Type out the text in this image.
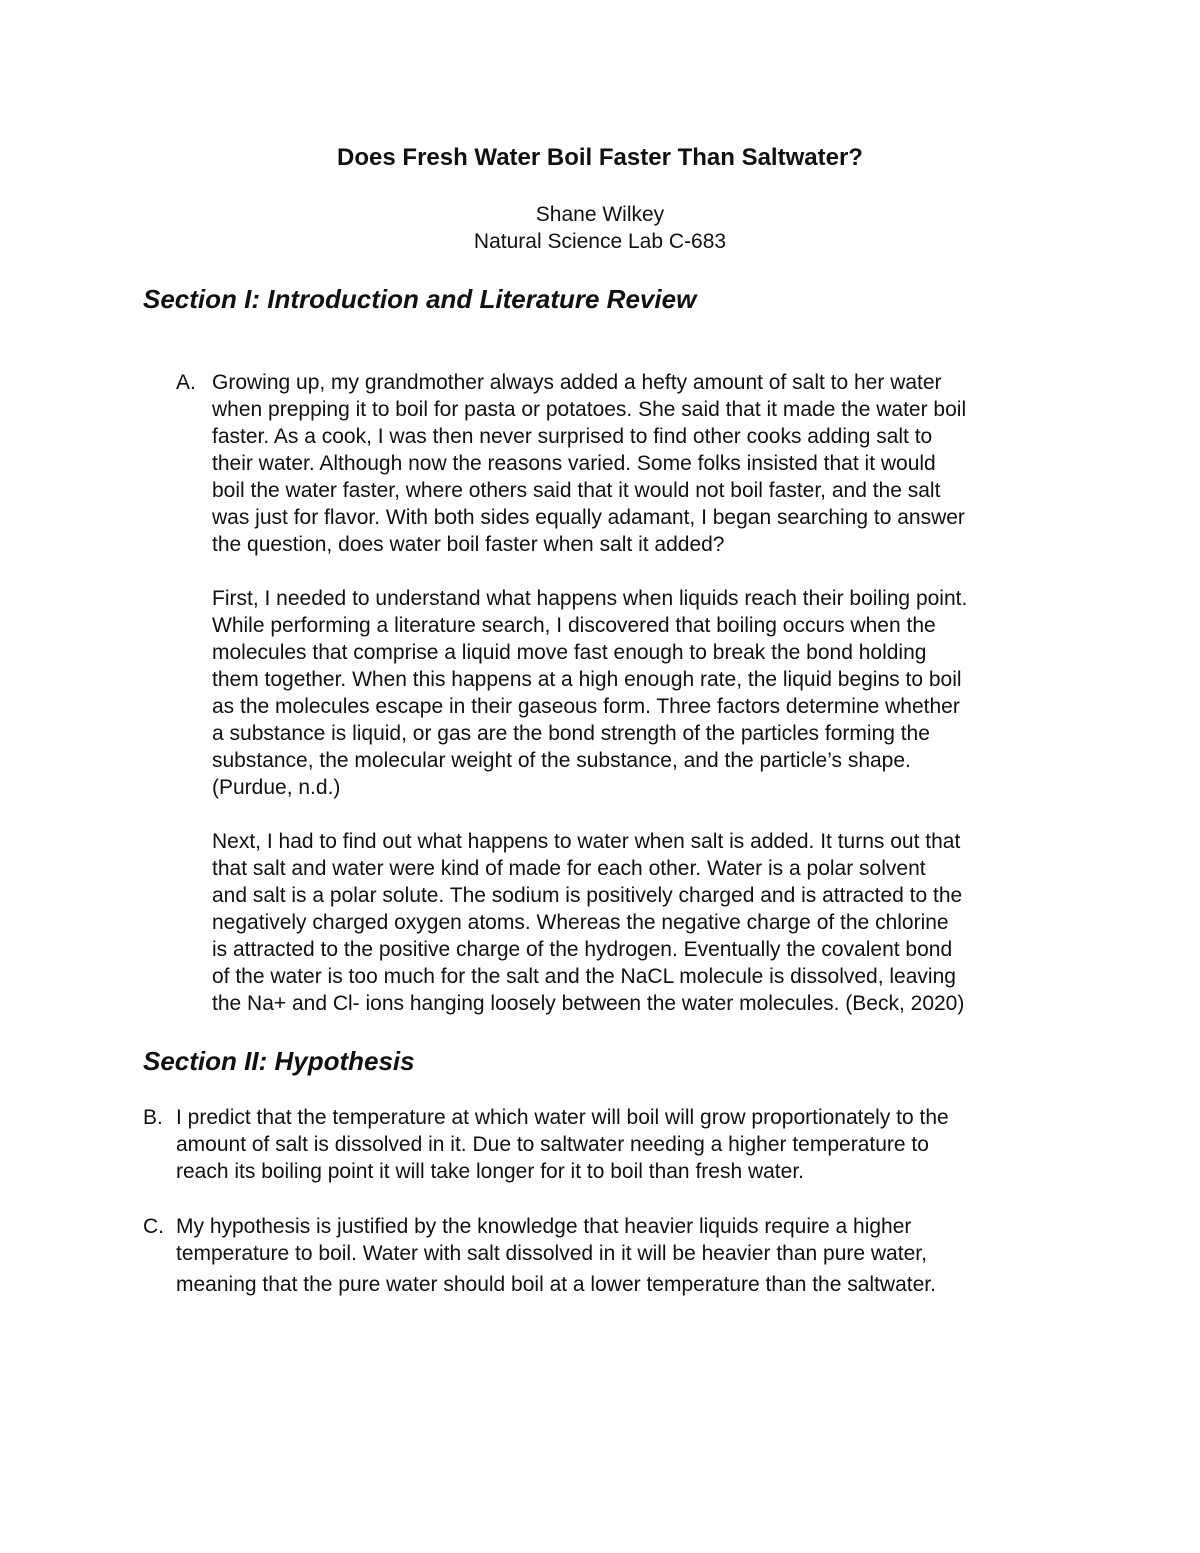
Does Fresh Water Boil Faster Than Saltwater?

Shane Wilkey

Natural Science Lab C-683

Section I: Introduction and Literature Review
A. Growing up, my grandmother always added a hefty amount of salt to her water
when prepping it to boil for pasta or potatoes. She said that it made the water boil
faster. As a cook, I was then never surprised to find other cooks adding salt to
their water. Although now the reasons varied. Some folks insisted that it would
boil the water faster, where others said that it would not boil faster, and the salt
was just for flavor. With both sides equally adamant, I began searching to answer
the question, does water boil faster when salt it added?

First, I needed to understand what happens when liquids reach their boiling point.
While performing a literature search, I discovered that boiling occurs when the
molecules that comprise a liquid move fast enough to break the bond holding
them together. When this happens at a high enough rate, the liquid begins to boil
as the molecules escape in their gaseous form. Three factors determine whether
a substance is liquid, or gas are the bond strength of the particles forming the
substance, the molecular weight of the substance, and the particle’s shape.
(Purdue, n.d.)

Next, I had to find out what happens to water when salt is added. It turns out that
that salt and water were kind of made for each other. Water is a polar solvent
and salt is a polar solute. The sodium is positively charged and is attracted to the
negatively charged oxygen atoms. Whereas the negative charge of the chlorine
is attracted to the positive charge of the hydrogen. Eventually the covalent bond
of the water is too much for the salt and the NaCL molecule is dissolved, leaving
the Na+ and Cl- ions hanging loosely between the water molecules. (Beck, 2020)

Section II: Hypothesis
B. I predict that the temperature at which water will boil will grow proportionately to the
amount of salt is dissolved in it. Due to saltwater needing a higher temperature to
reach its boiling point it will take longer for it to boil than fresh water.

C. My hypothesis is justified by the knowledge that heavier liquids require a higher
temperature to boil. Water with salt dissolved in it will be heavier than pure water,
meaning that the pure water should boil at a lower temperature than the saltwater.
